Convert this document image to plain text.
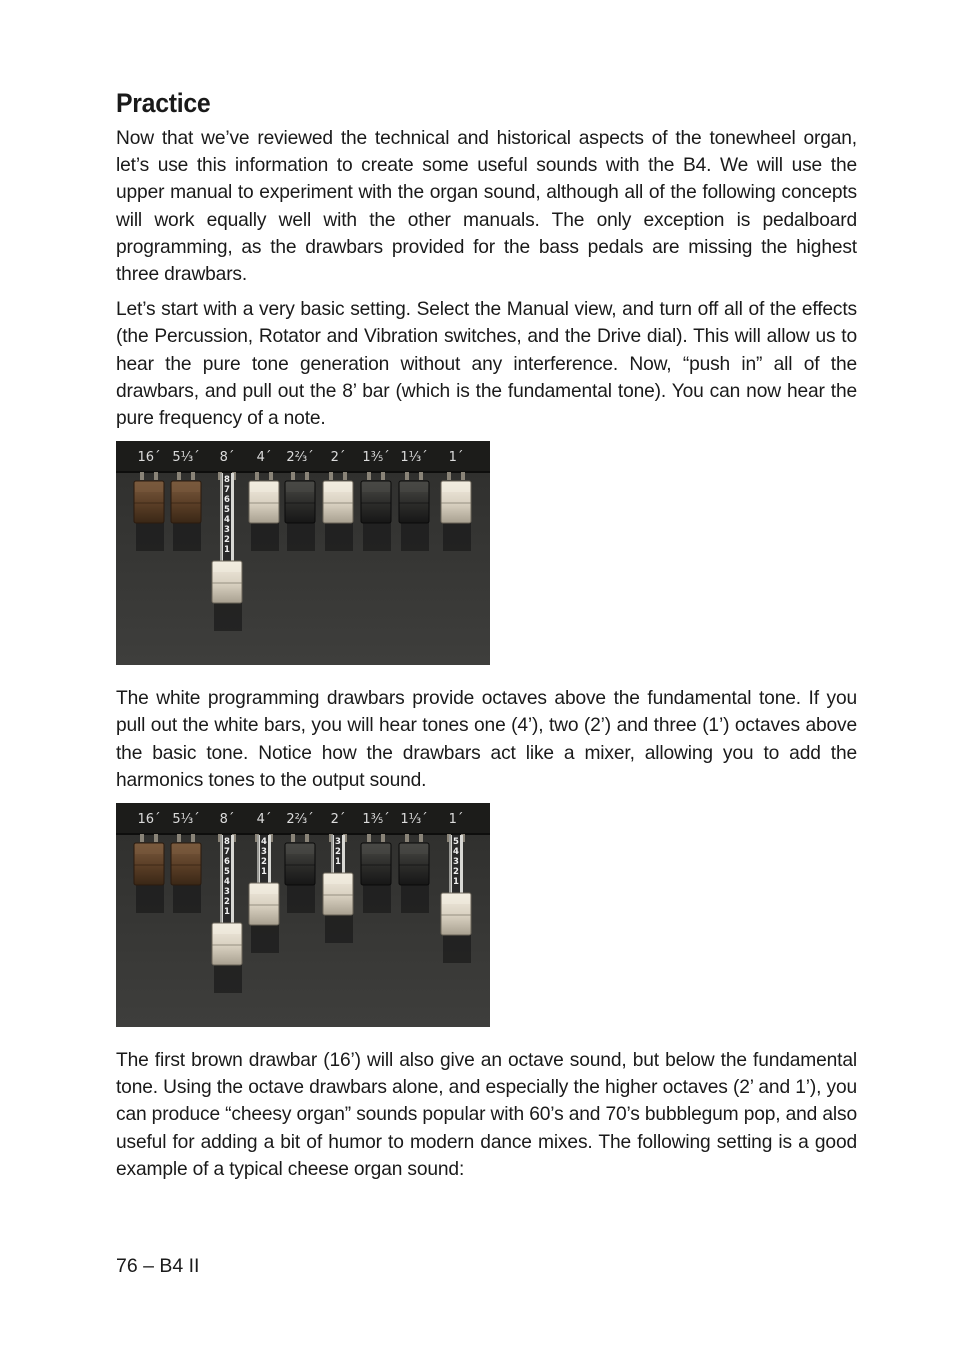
Practice

Now that we’ve reviewed the technical and historical aspects of the tonewheel organ, let’s use this information to create some useful sounds with the B4. We will use the upper manual to experiment with the organ sound, although all of the following concepts will work equally well with the other manuals. The only exception is pedalboard programming, as the drawbars provided for the bass pedals are missing the highest three drawbars.

Let’s start with a very basic setting. Select the Manual view, and turn off all of the effects (the Percussion, Rotator and Vibration switches, and the Drive dial). This will allow us to hear the pure tone generation without any interference. Now, “push in” all of the drawbars, and pull out the 8’ bar (which is the fundamental tone). You can now hear the pure frequency of a note.

16´ 5⅓´ 8´ 4´ 2⅔´ 2´ 1⅗´ 1⅓´ 1´
8
7
6
5
4
3
2
1

The white programming drawbars provide octaves above the fundamental tone. If you pull out the white bars, you will hear tones one (4’), two (2’) and three (1’) octaves above the basic tone. Notice how the drawbars act like a mixer, allowing you to add the harmonics tones to the output sound.

16´ 5⅓´ 8´ 4´ 2⅔´ 2´ 1⅗´ 1⅓´ 1´
8
7
6
5
4
3
2
1
4
3
2
1
3
2
1
5
4
3
2
1

The first brown drawbar (16’) will also give an octave sound, but below the fundamental tone. Using the octave drawbars alone, and especially the higher octaves (2’ and 1’), you can produce “cheesy organ” sounds popular with 60’s and 70’s bubblegum pop, and also useful for adding a bit of humor to modern dance mixes. The following setting is a good example of a typical cheese organ sound:

76 – B4 II
